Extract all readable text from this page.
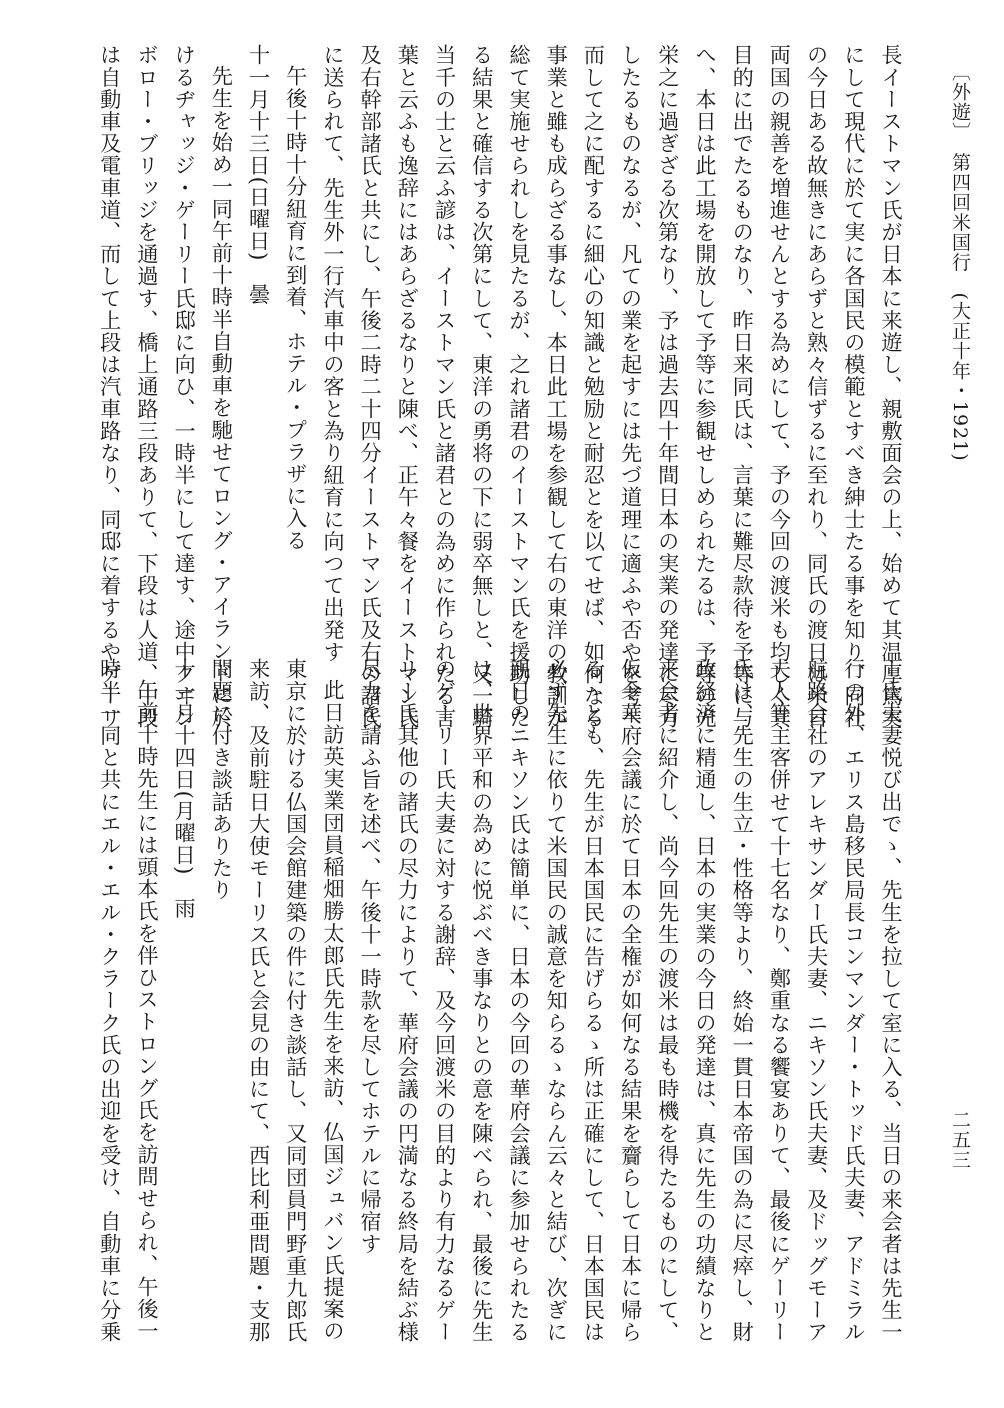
長イーストマン氏が日本に来遊し、親敷面会の上、始めて其温厚篤実
にして現代に於て実に各国民の模範とすべき紳士たる事を知り、同社
の今日ある故無きにあらずと熟々信ずるに至れり、同氏の渡日は米日
両国の親善を増進せんとする為めにして、予の今回の渡米も均しく其
目的に出でたるものなり、昨日来同氏は、言葉に難尽款待を予等に与
へ、本日は此工場を開放して予等に参観せしめられたるは、予等の光
栄之に過ぎざる次第なり、予は過去四十年間日本の実業の発達に尽力
したるものなるが、凡ての業を起すには先づ道理に適ふや否やを考へ
而して之に配するに細心の知識と勉励と耐忍とを以てせば、如何なる
事業と雖も成らざる事なし、本日此工場を参観して右の東洋の教訓が
総て実施せられしを見たるが、之れ諸君のイーストマン氏を援助した
る結果と確信する次第にして、東洋の勇将の下に弱卒無しと、又一騎
当千の士と云ふ諺は、イーストマン氏と諸君との為めに作られたる言
葉と云ふも逸辞にはあらざるなりと陳べ、正午々餐をイーストマン氏
及右幹部諸氏と共にし、午後二時二十四分イーストマン氏及右の諸氏
に送られて、先生外一行汽車中の客と為り紐育に向つて出発す
午後十時十分紐育に到着、ホテル・プラザに入る
十一月十三日(日曜日)　曇
先生を始め一同午前十時半自動車を馳せてロング・アイランドに於
けるヂャッジ・ゲーリー氏邸に向ひ、一時半にして達す、途中クヰン
ボロー・ブリッジを通過す、橋上通路三段ありて、下段は人道、中段
は自動車及電車道、而して上段は汽車路なり、同邸に着するやゲーリ
ー氏夫妻悦び出でゝ、先生を拉して室に入る、当日の来会者は先生一
行の外、エリス島移民局長コンマンダー・トッド氏夫妻、アドミラル
航路会社のアレキサンダー氏夫妻、ニキソン氏夫妻、及ドッグモーア
夫人等主客併せて十七名なり、鄭重なる饗宴ありて、最後にゲーリー
氏は、先生の生立・性格等より、終始一貫日本帝国の為に尽瘁し、財
政経済に精通し、日本の実業の今日の発達は、真に先生の功績なりと
来会者に紹介し、尚今回先生の渡米は最も時機を得たるものにして、
仮令華府会議に於て日本の全権が如何なる結果を齎らして日本に帰ら
るゝとも、先生が日本国民に告げらるゝ所は正確にして、日本国民は
必ず先生に依りて米国民の誠意を知らるゝならん云々と結び、次ぎに
親日のニキソン氏は簡単に、日本の今回の華府会議に参加せられたる
は、世界平和の為めに悦ぶべき事なりとの意を陳べられ、最後に先生
のゲーリー氏夫妻に対する謝辞、及今回渡米の目的より有力なるゲー
リー氏其他の諸氏の尽力によりて、華府会議の円満なる終局を結ぶ様
尽力を請ふ旨を述べ、午後十一時款を尽してホテルに帰宿す
此日訪英実業団員稲畑勝太郎氏先生を来訪、仏国ジュバン氏提案の
東京に於ける仏国会館建築の件に付き談話し、又同団員門野重九郎氏
来訪、及前駐日大使モーリス氏と会見の由にて、西比利亜問題・支那
問題に付き談話ありたり
十一月十四日(月曜日)　雨
午前十時先生には頭本氏を伴ひストロング氏を訪問せられ、午後一
時半一同と共にエル・エル・クラーク氏の出迎を受け、自動車に分乗
〔外遊〕　第四回米国行　(大正十年・1921)
二五三
